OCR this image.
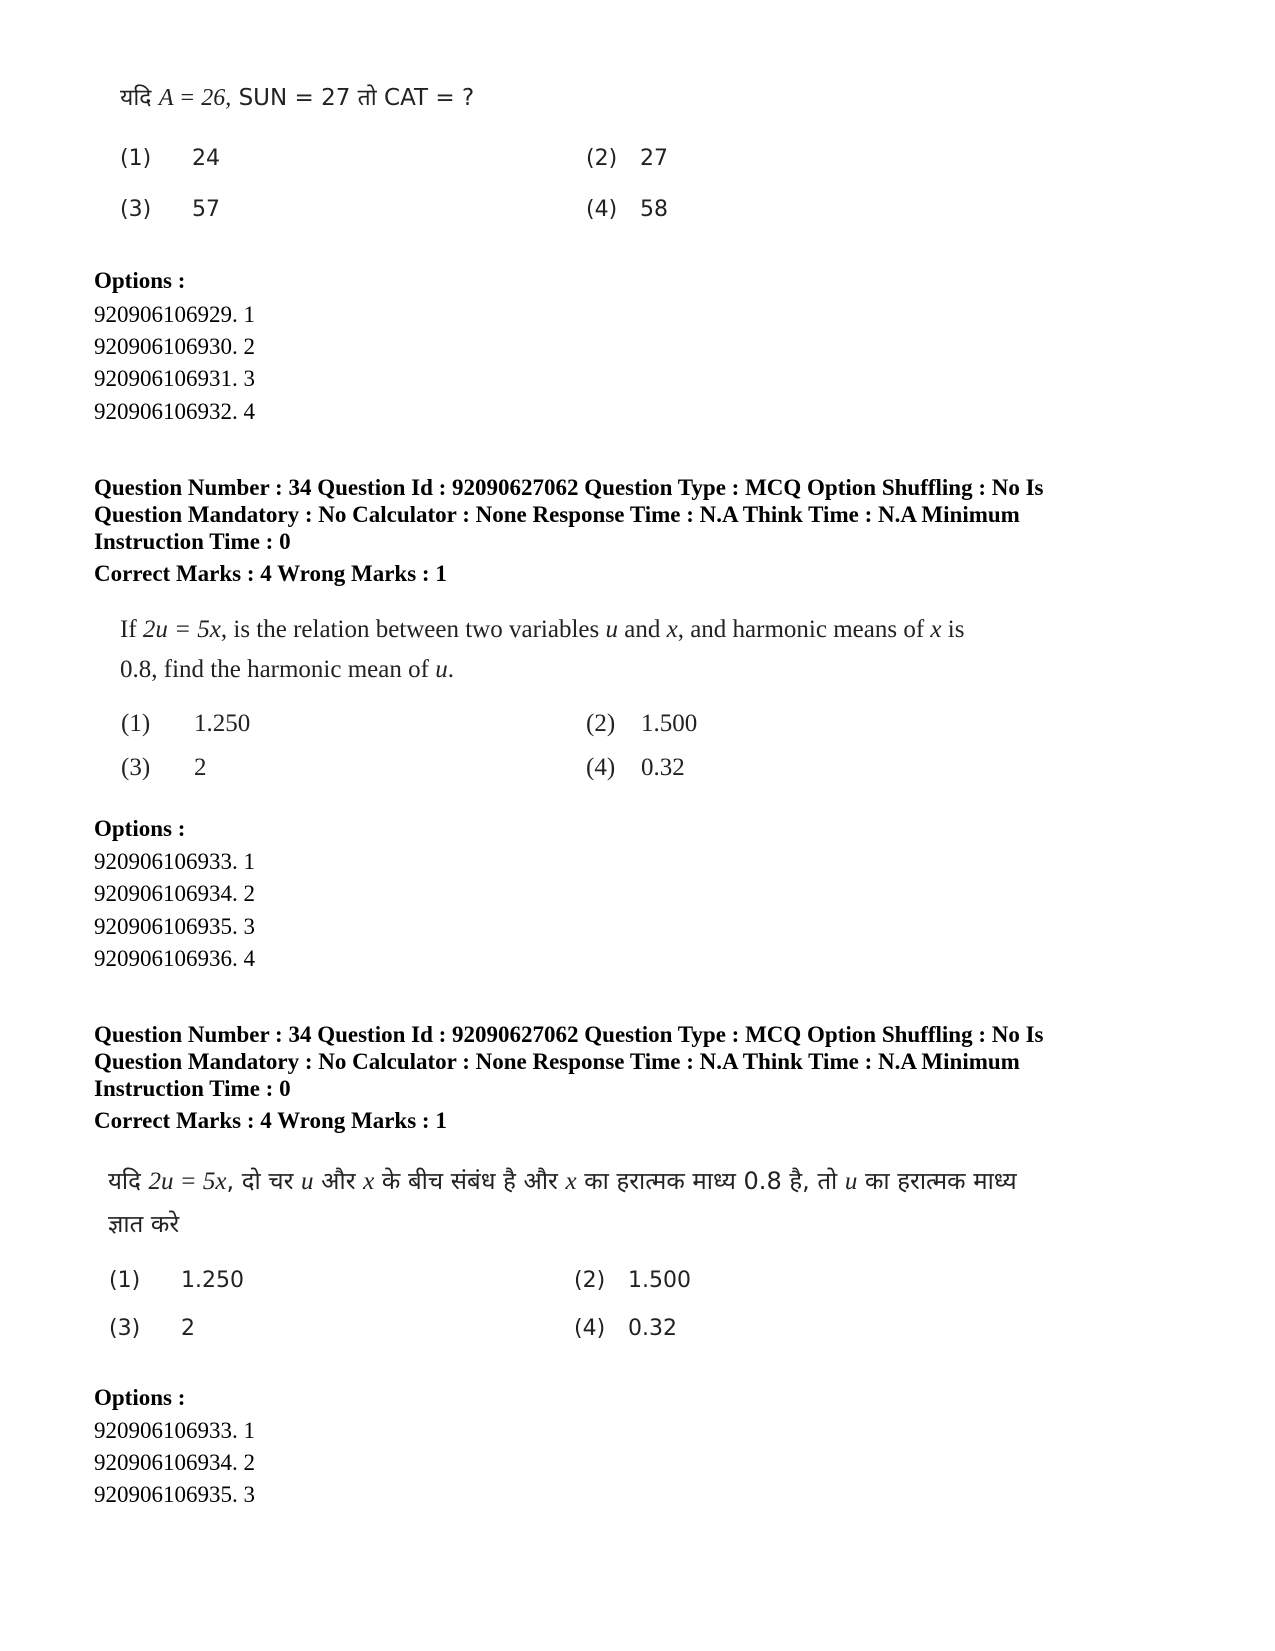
यदि A = 26, SUN = 27 तो CAT = ?
(1) 24	(2) 27
(3) 57	(4) 58
Options :
920906106929. 1
920906106930. 2
920906106931. 3
920906106932. 4
Question Number : 34 Question Id : 92090627062 Question Type : MCQ Option Shuffling : No Is
Question Mandatory : No Calculator : None Response Time : N.A Think Time : N.A Minimum
Instruction Time : 0
Correct Marks : 4 Wrong Marks : 1
If 2u = 5x, is the relation between two variables u and x, and harmonic means of x is
0.8, find the harmonic mean of u.
(1) 1.250	(2) 1.500
(3) 2	(4) 0.32
Options :
920906106933. 1
920906106934. 2
920906106935. 3
920906106936. 4
Question Number : 34 Question Id : 92090627062 Question Type : MCQ Option Shuffling : No Is
Question Mandatory : No Calculator : None Response Time : N.A Think Time : N.A Minimum
Instruction Time : 0
Correct Marks : 4 Wrong Marks : 1
यदि 2u = 5x, दो चर u और x के बीच संबंध है और x का हरात्मक माध्य 0.8 है, तो u का हरात्मक माध्य
ज्ञात करे
(1) 1.250	(2) 1.500
(3) 2	(4) 0.32
Options :
920906106933. 1
920906106934. 2
920906106935. 3
